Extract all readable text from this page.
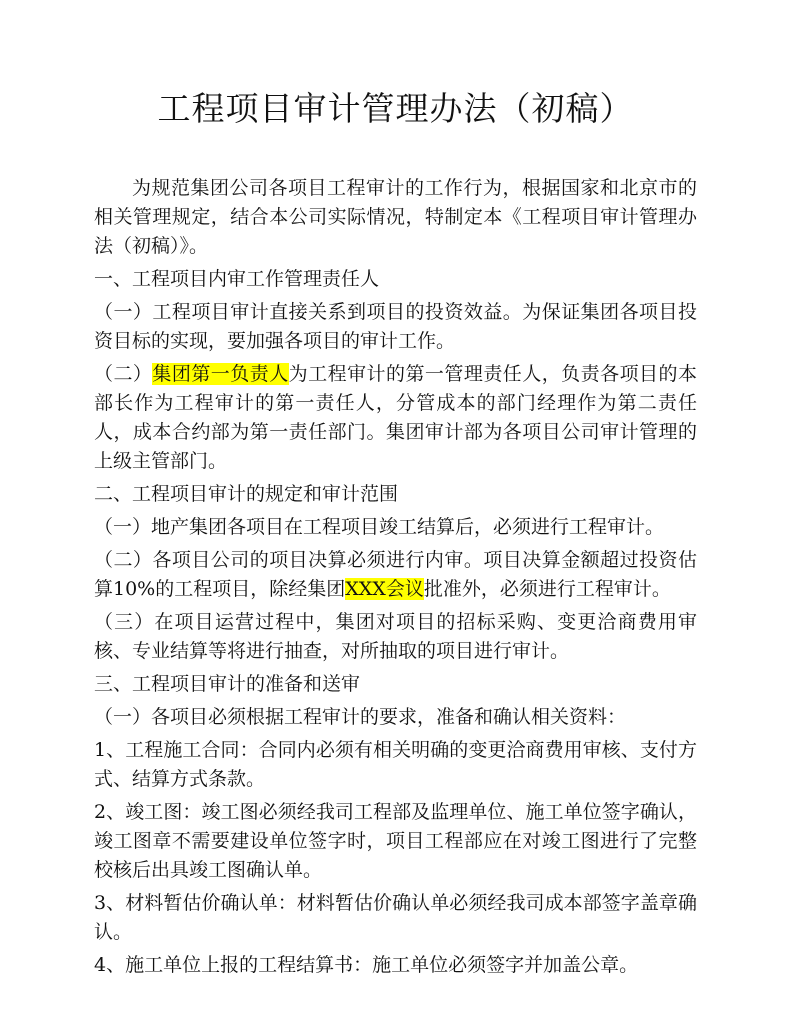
工程项目审计管理办法（初稿）

为规范集团公司各项目工程审计的工作行为，根据国家和北京市的相关管理规定，结合本公司实际情况，特制定本《工程项目审计管理办法（初稿）》。

一、工程项目内审工作管理责任人

（一）工程项目审计直接关系到项目的投资效益。为保证集团各项目投资目标的实现，要加强各项目的审计工作。

（二）集团第一负责人为工程审计的第一管理责任人，负责各项目的本部长作为工程审计的第一责任人，分管成本的部门经理作为第二责任人，成本合约部为第一责任部门。集团审计部为各项目公司审计管理的上级主管部门。

二、工程项目审计的规定和审计范围

（一）地产集团各项目在工程项目竣工结算后，必须进行工程审计。

（二）各项目公司的项目决算必须进行内审。项目决算金额超过投资估算10%的工程项目，除经集团XXX会议批准外，必须进行工程审计。

（三）在项目运营过程中，集团对项目的招标采购、变更洽商费用审核、专业结算等将进行抽查，对所抽取的项目进行审计。

三、工程项目审计的准备和送审

（一）各项目必须根据工程审计的要求，准备和确认相关资料：

1、工程施工合同：合同内必须有相关明确的变更洽商费用审核、支付方式、结算方式条款。

2、竣工图：竣工图必须经我司工程部及监理单位、施工单位签字确认，竣工图章不需要建设单位签字时，项目工程部应在对竣工图进行了完整校核后出具竣工图确认单。

3、材料暂估价确认单：材料暂估价确认单必须经我司成本部签字盖章确认。

4、施工单位上报的工程结算书：施工单位必须签字并加盖公章。
